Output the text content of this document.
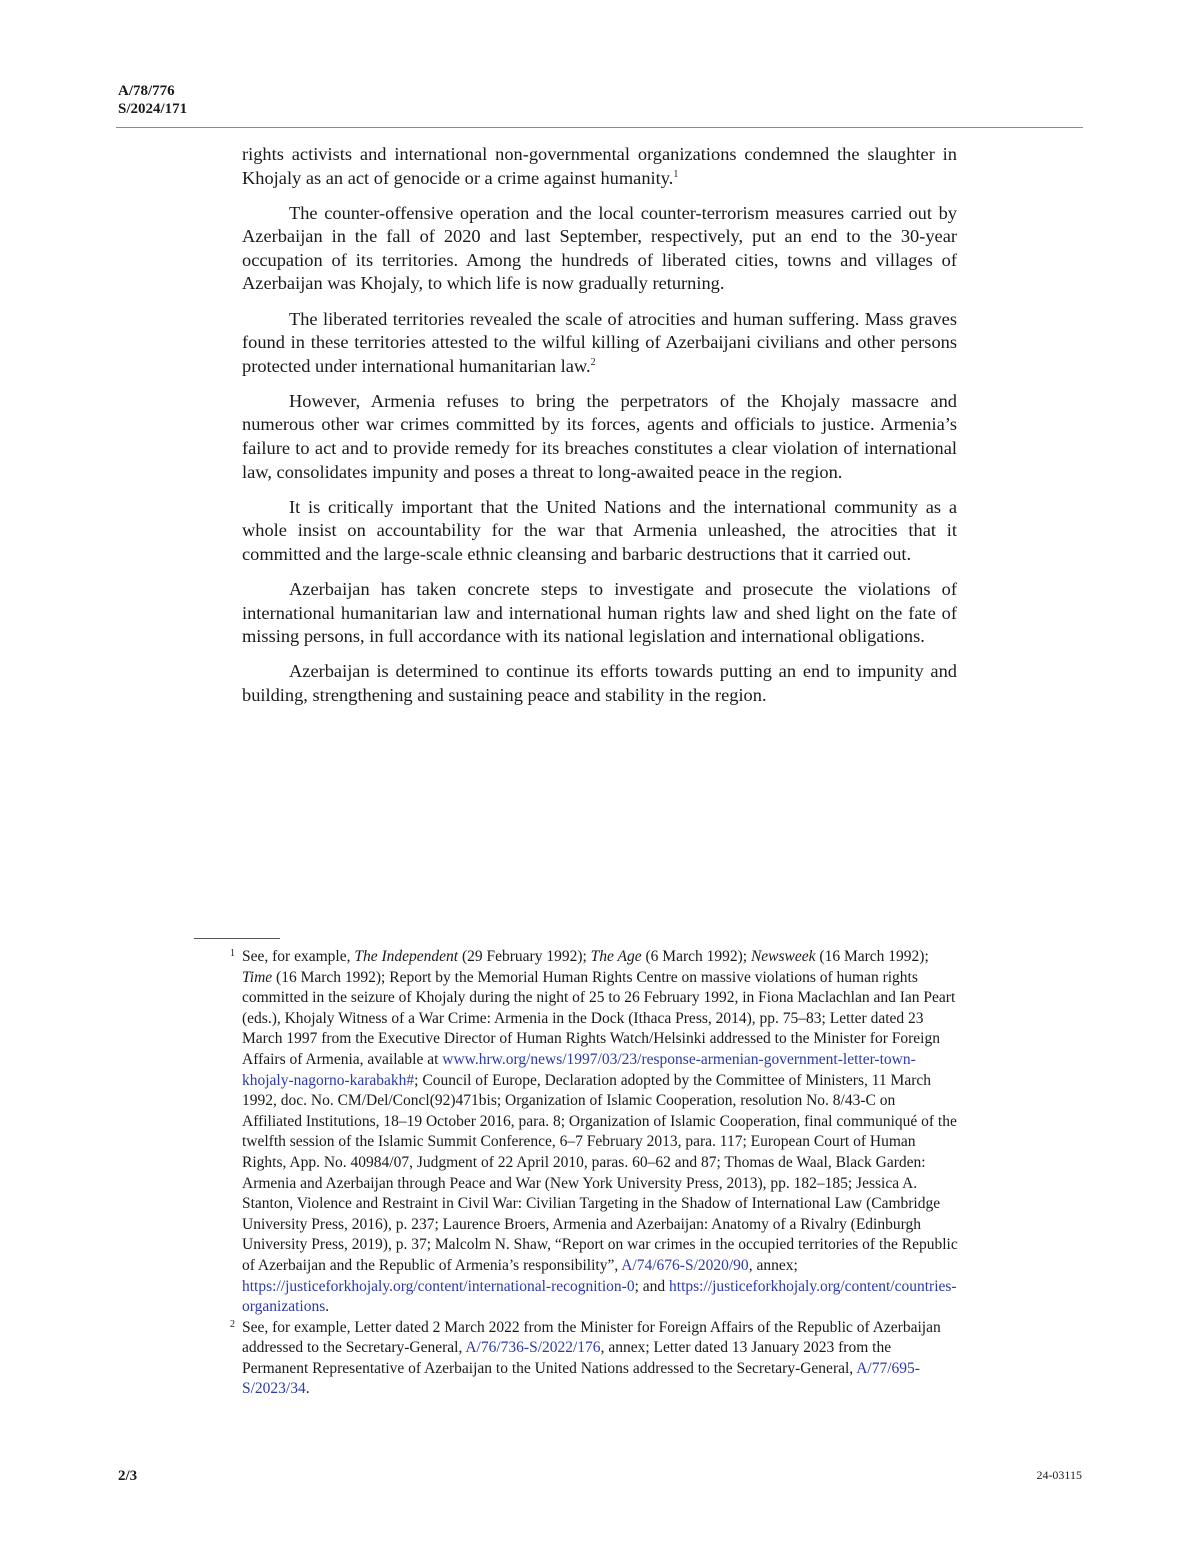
A/78/776
S/2024/171

rights activists and international non-governmental organizations condemned the slaughter in Khojaly as an act of genocide or a crime against humanity.$^1$

The counter-offensive operation and the local counter-terrorism measures carried out by Azerbaijan in the fall of 2020 and last September, respectively, put an end to the 30-year occupation of its territories. Among the hundreds of liberated cities, towns and villages of Azerbaijan was Khojaly, to which life is now gradually returning.

The liberated territories revealed the scale of atrocities and human suffering. Mass graves found in these territories attested to the wilful killing of Azerbaijani civilians and other persons protected under international humanitarian law.$^2$

However, Armenia refuses to bring the perpetrators of the Khojaly massacre and numerous other war crimes committed by its forces, agents and officials to justice. Armenia’s failure to act and to provide remedy for its breaches constitutes a clear violation of international law, consolidates impunity and poses a threat to long-awaited peace in the region.

It is critically important that the United Nations and the international community as a whole insist on accountability for the war that Armenia unleashed, the atrocities that it committed and the large-scale ethnic cleansing and barbaric destructions that it carried out.

Azerbaijan has taken concrete steps to investigate and prosecute the violations of international humanitarian law and international human rights law and shed light on the fate of missing persons, in full accordance with its national legislation and international obligations.

Azerbaijan is determined to continue its efforts towards putting an end to impunity and building, strengthening and sustaining peace and stability in the region.

1 See, for example, The Independent (29 February 1992); The Age (6 March 1992); Newsweek (16 March 1992); Time (16 March 1992); Report by the Memorial Human Rights Centre on massive violations of human rights committed in the seizure of Khojaly during the night of 25 to 26 February 1992, in Fiona Maclachlan and Ian Peart (eds.), Khojaly Witness of a War Crime: Armenia in the Dock (Ithaca Press, 2014), pp. 75–83; Letter dated 23 March 1997 from the Executive Director of Human Rights Watch/Helsinki addressed to the Minister for Foreign Affairs of Armenia, available at www.hrw.org/news/1997/03/23/response-armenian-government-letter-town-khojaly-nagorno-karabakh#; Council of Europe, Declaration adopted by the Committee of Ministers, 11 March 1992, doc. No. CM/Del/Concl(92)471bis; Organization of Islamic Cooperation, resolution No. 8/43-C on Affiliated Institutions, 18–19 October 2016, para. 8; Organization of Islamic Cooperation, final communiqué of the twelfth session of the Islamic Summit Conference, 6–7 February 2013, para. 117; European Court of Human Rights, App. No. 40984/07, Judgment of 22 April 2010, paras. 60–62 and 87; Thomas de Waal, Black Garden: Armenia and Azerbaijan through Peace and War (New York University Press, 2013), pp. 182–185; Jessica A. Stanton, Violence and Restraint in Civil War: Civilian Targeting in the Shadow of International Law (Cambridge University Press, 2016), p. 237; Laurence Broers, Armenia and Azerbaijan: Anatomy of a Rivalry (Edinburgh University Press, 2019), p. 37; Malcolm N. Shaw, “Report on war crimes in the occupied territories of the Republic of Azerbaijan and the Republic of Armenia’s responsibility”, A/74/676-S/2020/90, annex; https://justiceforkhojaly.org/content/international-recognition-0; and https://justiceforkhojaly.org/content/countries-organizations.
2 See, for example, Letter dated 2 March 2022 from the Minister for Foreign Affairs of the Republic of Azerbaijan addressed to the Secretary-General, A/76/736-S/2022/176, annex; Letter dated 13 January 2023 from the Permanent Representative of Azerbaijan to the United Nations addressed to the Secretary-General, A/77/695-S/2023/34.
2/3	24-03115
